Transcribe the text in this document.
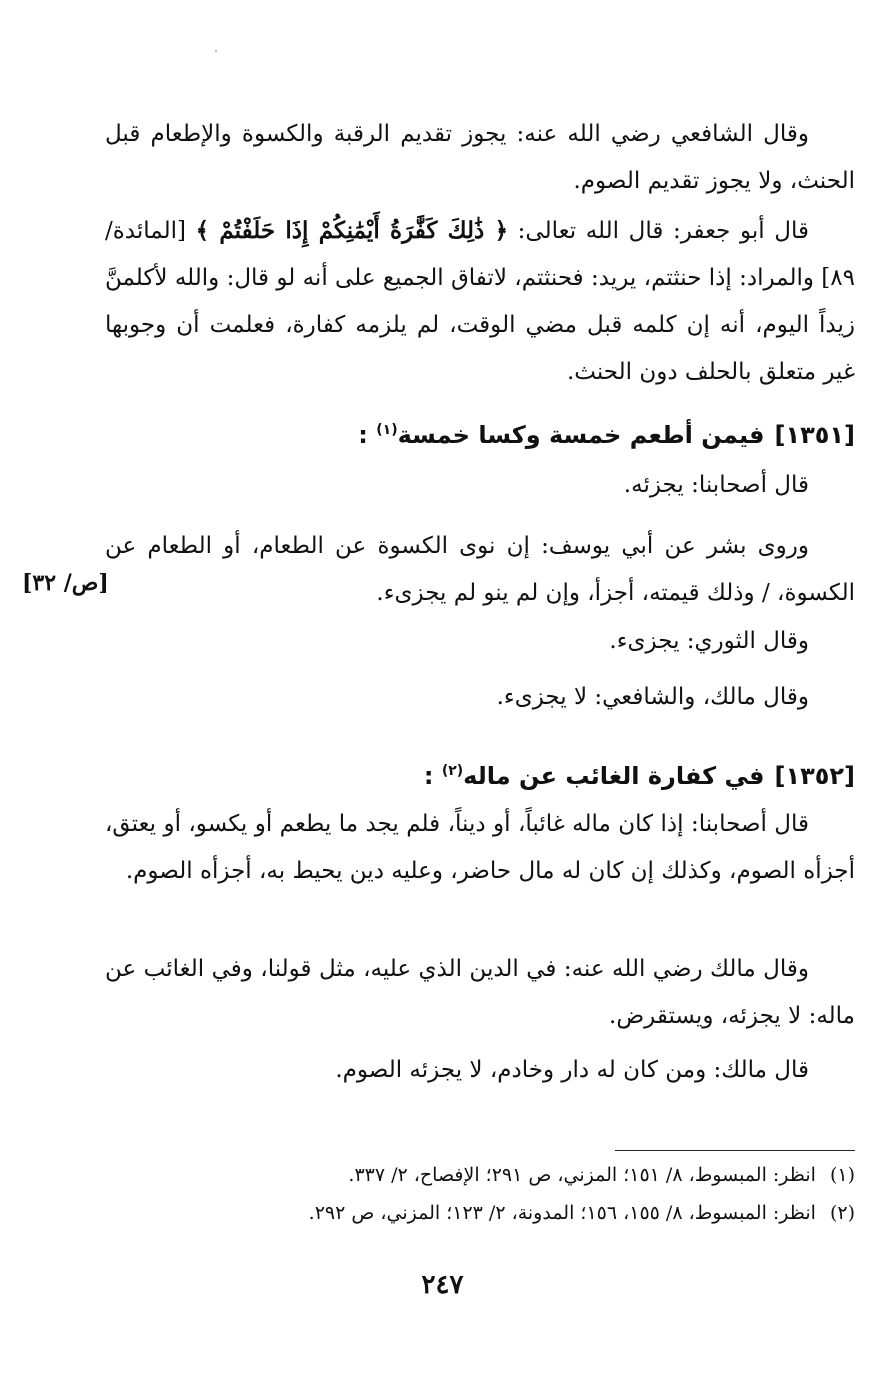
وقال الشافعي رضي الله عنه: يجوز تقديم الرقبة والكسوة والإطعام قبل الحنث، ولا يجوز تقديم الصوم.
قال أبو جعفر: قال الله تعالى: ﴿ ذَٰلِكَ كَفَّٰرَةُ أَيْمَٰنِكُمْ إِذَا حَلَفْتُمْ ﴾ [المائدة/ ٨٩] والمراد: إذا حنثتم، يريد: فحنثتم، لاتفاق الجميع على أنه لو قال: والله لأكلمنَّ زيداً اليوم، أنه إن كلمه قبل مضي الوقت، لم يلزمه كفارة، فعلمت أن وجوبها غير متعلق بالحلف دون الحنث.
[١٣٥١]فيمن أطعم خمسة وكسا خمسة$^{(١)}$ :
قال أصحابنا: يجزئه.
وروى بشر عن أبي يوسف: إن نوى الكسوة عن الطعام، أو الطعام عن الكسوة، / وذلك قيمته، أجزأ، وإن لم ينو لم يجزىء.
[ص/ ٣٢]
وقال الثوري: يجزىء.
وقال مالك، والشافعي: لا يجزىء.
[١٣٥٢]في كفارة الغائب عن ماله$^{(٢)}$ :
قال أصحابنا: إذا كان ماله غائباً، أو ديناً، فلم يجد ما يطعم أو يكسو، أو يعتق، أجزأه الصوم، وكذلك إن كان له مال حاضر، وعليه دين يحيط به، أجزأه الصوم.
وقال مالك رضي الله عنه: في الدين الذي عليه، مثل قولنا، وفي الغائب عن ماله: لا يجزئه، ويستقرض.
قال مالك: ومن كان له دار وخادم، لا يجزئه الصوم.
(١)انظر: المبسوط، ٨/ ١٥١؛ المزني، ص ٢٩١؛ الإفصاح، ٢/ ٣٣٧.
(٢)انظر: المبسوط، ٨/ ١٥٥، ١٥٦؛ المدونة، ٢/ ١٢٣؛ المزني، ص ٢٩٢.
٢٤٧
